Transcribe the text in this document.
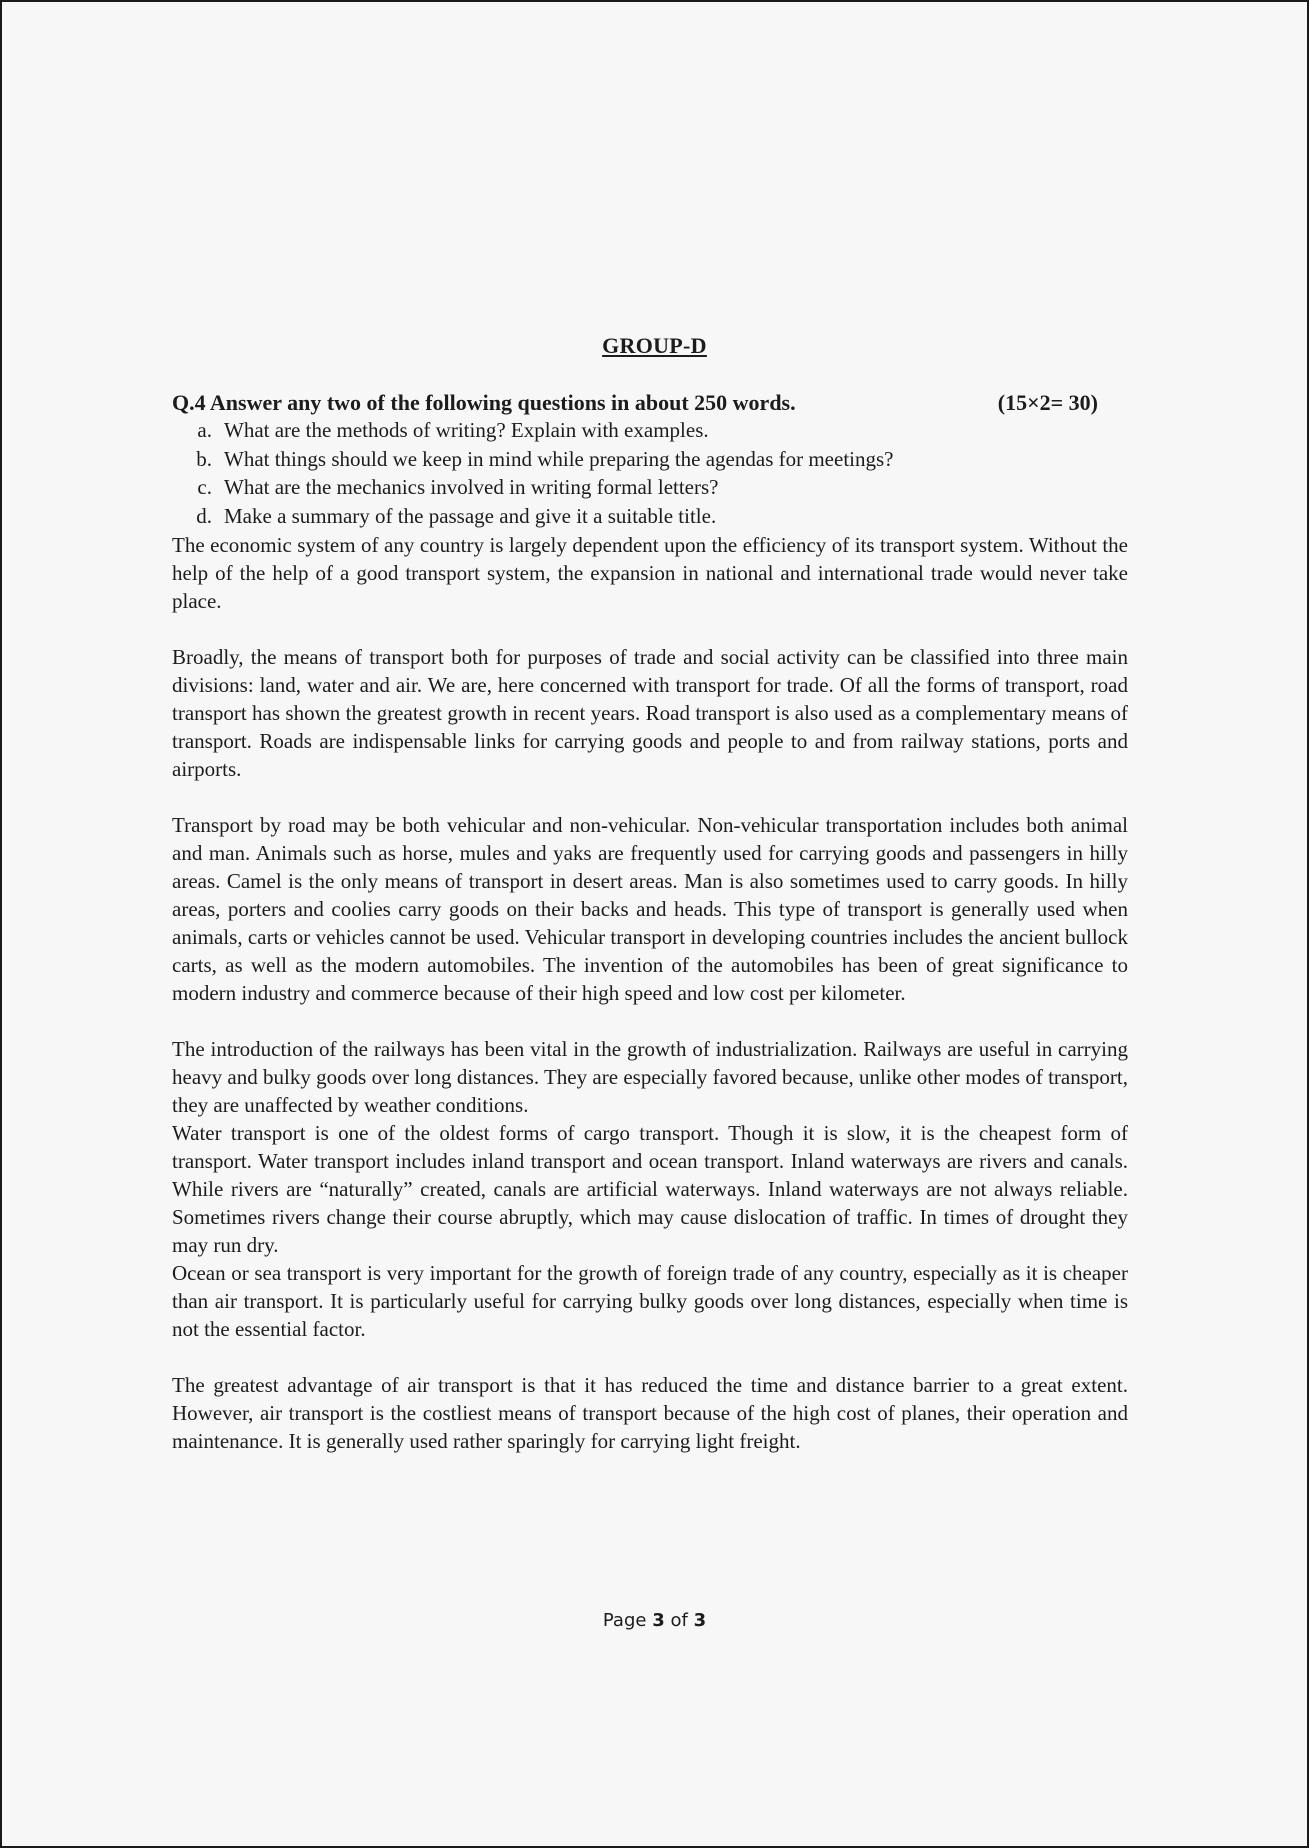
GROUP-D
Q.4 Answer any two of the following questions in about 250 words.	(15×2= 30)
a. What are the methods of writing? Explain with examples.
b. What things should we keep in mind while preparing the agendas for meetings?
c. What are the mechanics involved in writing formal letters?
d. Make a summary of the passage and give it a suitable title.

The economic system of any country is largely dependent upon the efficiency of its transport system. Without the help of the help of a good transport system, the expansion in national and international trade would never take place.

Broadly, the means of transport both for purposes of trade and social activity can be classified into three main divisions: land, water and air. We are, here concerned with transport for trade. Of all the forms of transport, road transport has shown the greatest growth in recent years. Road transport is also used as a complementary means of transport. Roads are indispensable links for carrying goods and people to and from railway stations, ports and airports.

Transport by road may be both vehicular and non-vehicular. Non-vehicular transportation includes both animal and man. Animals such as horse, mules and yaks are frequently used for carrying goods and passengers in hilly areas. Camel is the only means of transport in desert areas. Man is also sometimes used to carry goods. In hilly areas, porters and coolies carry goods on their backs and heads. This type of transport is generally used when animals, carts or vehicles cannot be used. Vehicular transport in developing countries includes the ancient bullock carts, as well as the modern automobiles. The invention of the automobiles has been of great significance to modern industry and commerce because of their high speed and low cost per kilometer.

The introduction of the railways has been vital in the growth of industrialization. Railways are useful in carrying heavy and bulky goods over long distances. They are especially favored because, unlike other modes of transport, they are unaffected by weather conditions.

Water transport is one of the oldest forms of cargo transport. Though it is slow, it is the cheapest form of transport. Water transport includes inland transport and ocean transport. Inland waterways are rivers and canals. While rivers are “naturally” created, canals are artificial waterways. Inland waterways are not always reliable. Sometimes rivers change their course abruptly, which may cause dislocation of traffic. In times of drought they may run dry.

Ocean or sea transport is very important for the growth of foreign trade of any country, especially as it is cheaper than air transport. It is particularly useful for carrying bulky goods over long distances, especially when time is not the essential factor.

The greatest advantage of air transport is that it has reduced the time and distance barrier to a great extent. However, air transport is the costliest means of transport because of the high cost of planes, their operation and maintenance. It is generally used rather sparingly for carrying light freight.

Page 3 of 3
